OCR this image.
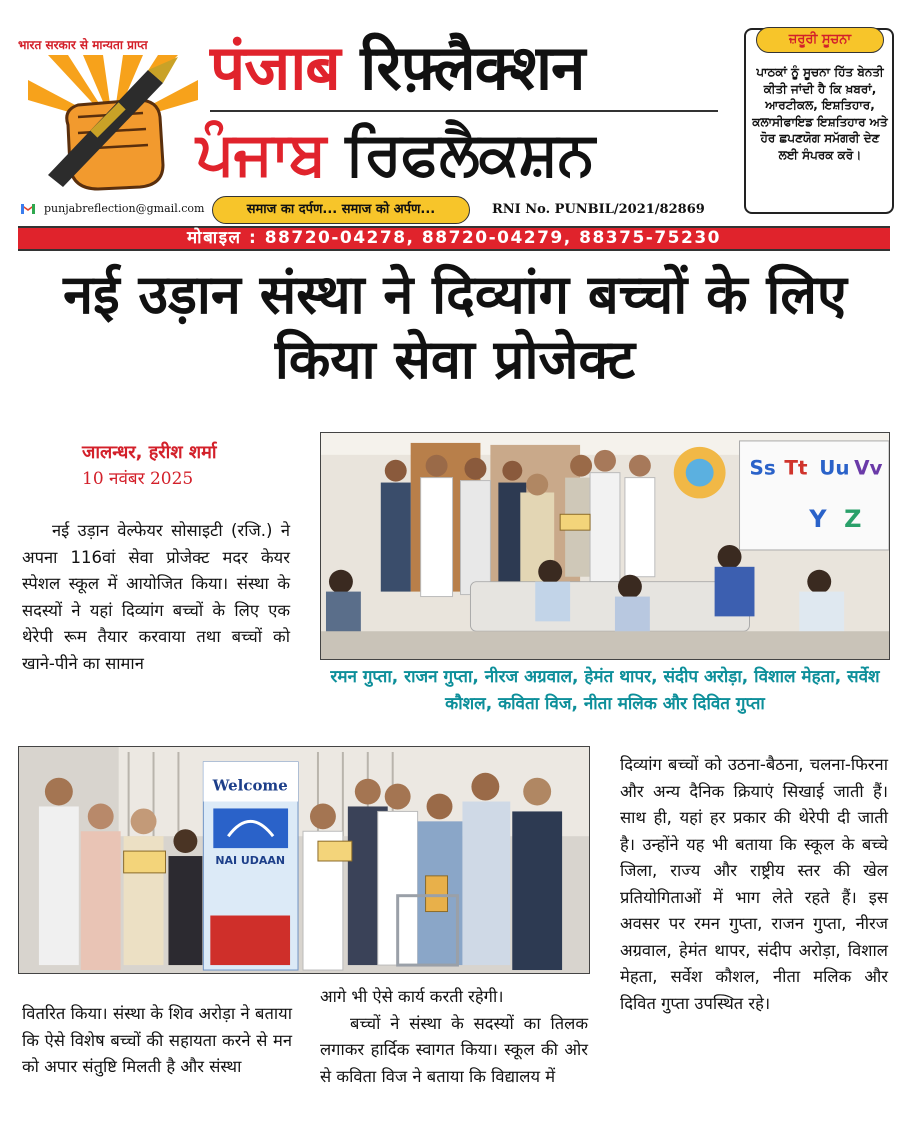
भारत सरकार से मान्यता प्राप्त पंजाब रिफ़्लैक्शन
ਪੰਜਾਬ ਰਿਫਲੈਕਸ਼ਨ
punjabreflection@gmail.com	समाज का दर्पण... समाज को अर्पण...	RNI No. PUNBIL/2021/82869
ਜ਼ਰੂਰੀ ਸੂਚਨਾ
ਪਾਠਕਾਂ ਨੂੰ ਸੂਚਨਾ ਹਿੱਤ ਬੇਨਤੀ ਕੀਤੀ ਜਾਂਦੀ ਹੈ ਕਿ ਖ਼ਬਰਾਂ, ਆਰਟੀਕਲ, ਇਸ਼ਤਿਹਾਰ, ਕਲਾਸੀਫਾਇਡ ਇਸ਼ਤਿਹਾਰ ਅਤੇ ਹੋਰ ਛਪਣਯੋਗ ਸਮੱਗਰੀ ਦੇਣ ਲਈ ਸੰਪਰਕ ਕਰੋ।
मोबाइल : 88720-04278, 88720-04279, 88375-75230
नई उड़ान संस्था ने दिव्यांग बच्चों के लिए किया सेवा प्रोजेक्ट
जालन्धर, हरीश शर्मा
10 नवंबर 2025
नई उड़ान वेल्फेयर सोसाइटी (रजि.) ने अपना 116वां सेवा प्रोजेक्ट मदर केयर स्पेशल स्कूल में आयोजित किया। संस्था के सदस्यों ने यहां दिव्यांग बच्चों के लिए एक थेरेपी रूम तैयार करवाया तथा बच्चों को खाने-पीने का सामान
वितरित किया। संस्था के शिव अरोड़ा ने बताया कि ऐसे विशेष बच्चों की सहायता करने से मन को अपार संतुष्टि मिलती है और संस्था
आगे भी ऐसे कार्य करती रहेगी।
बच्चों ने संस्था के सदस्यों का तिलक लगाकर हार्दिक स्वागत किया। स्कूल की ओर से कविता विज ने बताया कि विद्यालय में
दिव्यांग बच्चों को उठना-बैठना, चलना-फिरना और अन्य दैनिक क्रियाएं सिखाई जाती हैं। साथ ही, यहां हर प्रकार की थेरेपी दी जाती है। उन्होंने यह भी बताया कि स्कूल के बच्चे जिला, राज्य और राष्ट्रीय स्तर की खेल प्रतियोगिताओं में भाग लेते रहते हैं। इस अवसर पर रमन गुप्ता, राजन गुप्ता, नीरज अग्रवाल, हेमंत थापर, संदीप अरोड़ा, विशाल मेहता, सर्वेश कौशल, नीता मलिक और दिवित गुप्ता उपस्थित रहे।
Ss Tt Uu Vv
Y Z
रमन गुप्ता, राजन गुप्ता, नीरज अग्रवाल, हेमंत थापर, संदीप अरोड़ा, विशाल मेहता, सर्वेश कौशल, कविता विज, नीता मलिक और दिवित गुप्ता
Welcome
NAI UDAAN
